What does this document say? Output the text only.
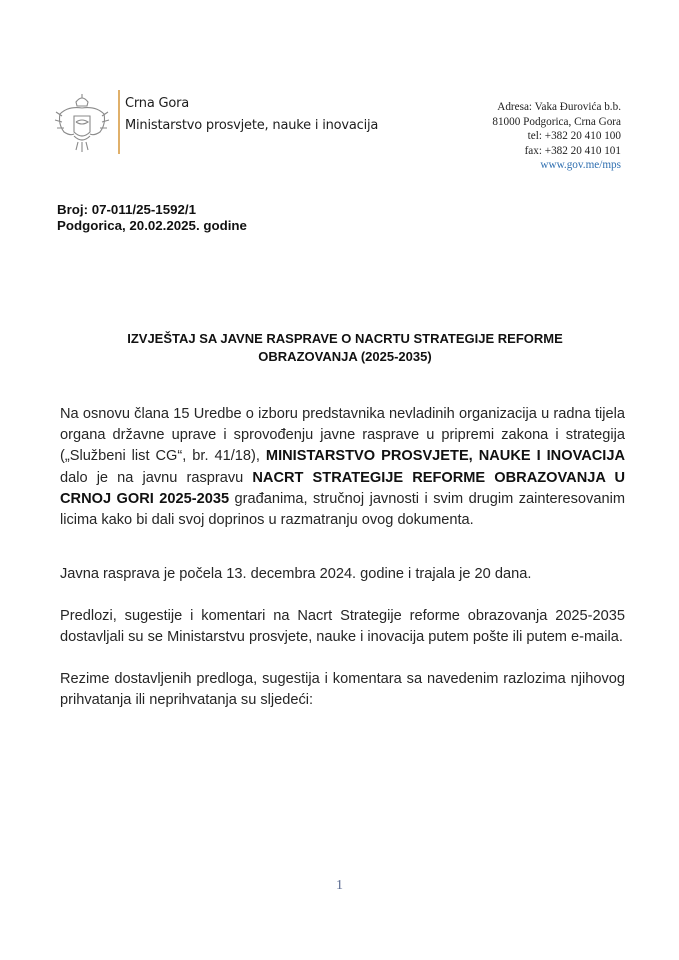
Crna Gora
Ministarstvo prosvjete, nauke i inovacija
Adresa: Vaka Đurovića b.b.
81000 Podgorica, Crna Gora
tel: +382 20 410 100
fax: +382 20 410 101
www.gov.me/mps
Broj: 07-011/25-1592/1
Podgorica, 20.02.2025. godine
IZVJEŠTAJ SA JAVNE RASPRAVE O NACRTU STRATEGIJE REFORME
OBRAZOVANJA (2025-2035)
Na osnovu člana 15 Uredbe o izboru predstavnika nevladinih organizacija u radna tijela organa državne uprave i sprovođenju javne rasprave u pripremi zakona i strategija („Službeni list CG“, br. 41/18), MINISTARSTVO PROSVJETE, NAUKE I INOVACIJA dalo je na javnu raspravu NACRT STRATEGIJE REFORME OBRAZOVANJA U CRNOJ GORI 2025-2035 građanima, stručnoj javnosti i svim drugim zainteresovanim licima kako bi dali svoj doprinos u razmatranju ovog dokumenta.
Javna rasprava je počela 13. decembra 2024. godine i trajala je 20 dana.
Predlozi, sugestije i komentari na Nacrt Strategije reforme obrazovanja 2025-2035 dostavljali su se Ministarstvu prosvjete, nauke i inovacija putem pošte ili putem e-maila.
Rezime dostavljenih predloga, sugestija i komentara sa navedenim razlozima njihovog prihvatanja ili neprihvatanja su sljedeći:
1
